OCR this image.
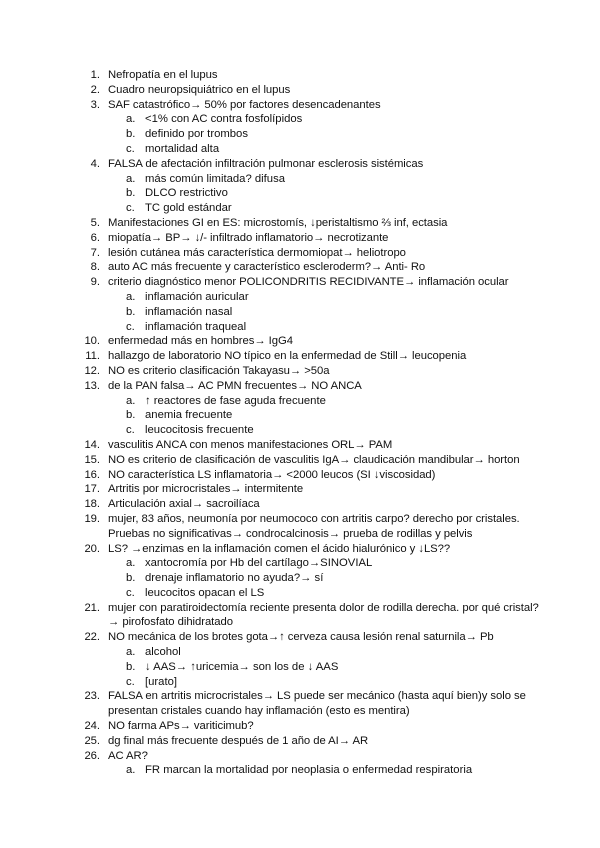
1. Nefropatía en el lupus
2. Cuadro neuropsiquiátrico en el lupus
3. SAF catastrófico→ 50% por factores desencadenantes
a. <1% con AC contra fosfolípidos
b. definido por trombos
c. mortalidad alta
4. FALSA de afectación infiltración pulmonar esclerosis sistémicas
a. más común limitada? difusa
b. DLCO restrictivo
c. TC gold estándar
5. Manifestaciones GI en ES: microstomís, ↓peristaltismo ⅔ inf, ectasia
6. miopatía→ BP→ ↓/- infiltrado inflamatorio→ necrotizante
7. lesión cutánea más característica dermomiopat→ heliotropo
8. auto AC más frecuente y característico escleroderm?→ Anti- Ro
9. criterio diagnóstico menor POLICONDRITIS RECIDIVANTE→ inflamación ocular
a. inflamación auricular
b. inflamación nasal
c. inflamación traqueal
10. enfermedad más en hombres→ IgG4
11. hallazgo de laboratorio NO típico en la enfermedad de Still→ leucopenia
12. NO es criterio clasificación Takayasu→ >50a
13. de la PAN falsa→ AC PMN frecuentes→ NO ANCA
a. ↑ reactores de fase aguda frecuente
b. anemia frecuente
c. leucocitosis frecuente
14. vasculitis ANCA con menos manifestaciones ORL→ PAM
15. NO es criterio de clasificación de vasculitis IgA→ claudicación mandibular→ horton
16. NO característica LS inflamatoria→ <2000 leucos (SI ↓viscosidad)
17. Artritis por microcristales→ intermitente
18. Articulación axial→ sacroilíaca
19. mujer, 83 años, neumonía por neumococo con artritis carpo? derecho por cristales. Pruebas no significativas→ condrocalcinosis→ prueba de rodillas y pelvis
20. LS? →enzimas en la inflamación comen el ácido hialurónico y ↓LS??
a. xantocromía por Hb del cartílago→SINOVIAL
b. drenaje inflamatorio no ayuda?→ sí
c. leucocitos opacan el LS
21. mujer con paratiroidectomía reciente presenta dolor de rodilla derecha. por qué cristal?→ pirofosfato dihidratado
22. NO mecánica de los brotes gota→↑ cerveza causa lesión renal saturnila→ Pb
a. alcohol
b. ↓ AAS→ ↑uricemia→ son los de ↓ AAS
c. [urato]
23. FALSA en artritis microcristales→ LS puede ser mecánico (hasta aquí bien)y solo se presentan cristales cuando hay inflamación (esto es mentira)
24. NO farma APs→ variticimub?
25. dg final más frecuente después de 1 año de AI→ AR
26. AC AR?
a. FR marcan la mortalidad por neoplasia o enfermedad respiratoria
